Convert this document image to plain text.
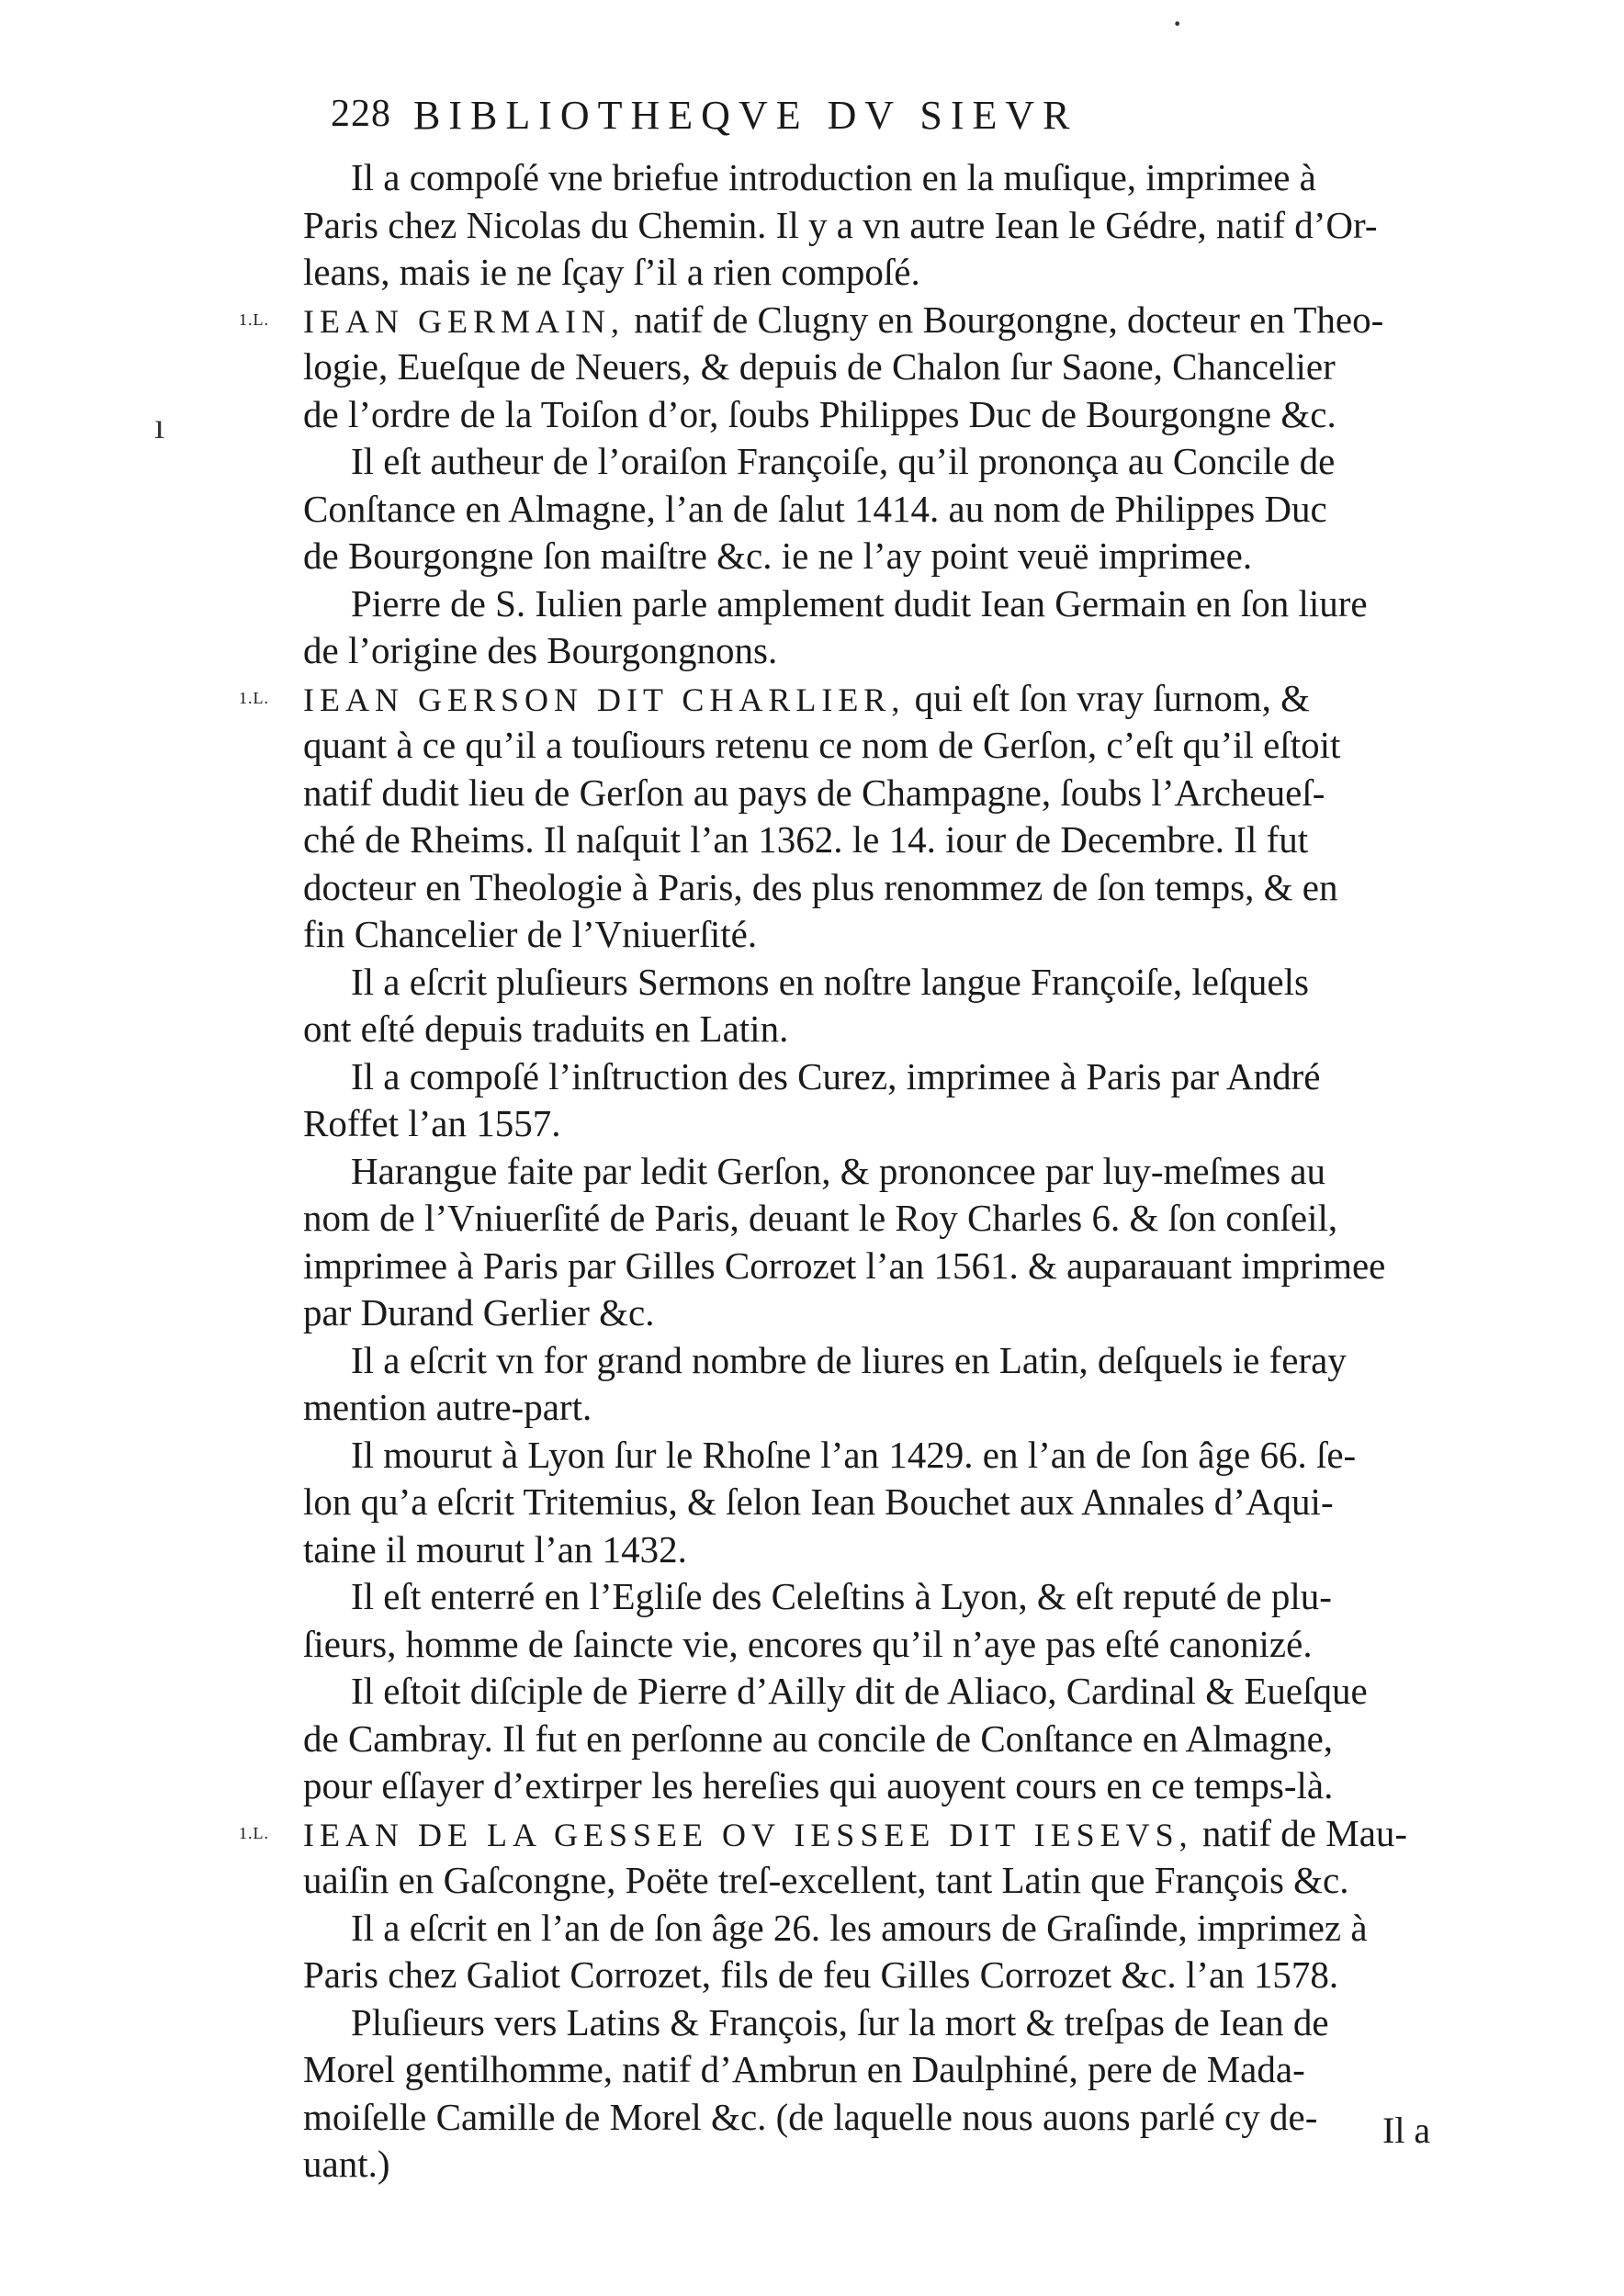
228 BIBLIOTHEQVE DV SIEVR
·
ı
Il a compoſé vne briefue introduction en la muſique, imprimee à
Paris chez Nicolas du Chemin. Il y a vn autre Iean le Gédre, natif d’Or-
leans, mais ie ne ſçay ſ’il a rien compoſé.
1.L. IEAN GERMAIN, natif de Clugny en Bourgongne, docteur en Theo-
logie, Eueſque de Neuers, & depuis de Chalon ſur Saone, Chancelier
de l’ordre de la Toiſon d’or, ſoubs Philippes Duc de Bourgongne &c.
Il eſt autheur de l’oraiſon Françoiſe, qu’il prononça au Concile de
Conſtance en Almagne, l’an de ſalut 1414. au nom de Philippes Duc
de Bourgongne ſon maiſtre &c. ie ne l’ay point veuë imprimee.
Pierre de S. Iulien parle amplement dudit Iean Germain en ſon liure
de l’origine des Bourgongnons.
1.L. IEAN GERSON DIT CHARLIER, qui eſt ſon vray ſurnom, &
quant à ce qu’il a touſiours retenu ce nom de Gerſon, c’eſt qu’il eſtoit
natif dudit lieu de Gerſon au pays de Champagne, ſoubs l’Archeueſ-
ché de Rheims. Il naſquit l’an 1362. le 14. iour de Decembre. Il fut
docteur en Theologie à Paris, des plus renommez de ſon temps, & en
fin Chancelier de l’Vniuerſité.
Il a eſcrit pluſieurs Sermons en noſtre langue Françoiſe, leſquels
ont eſté depuis traduits en Latin.
Il a compoſé l’inſtruction des Curez, imprimee à Paris par André
Roffet l’an 1557.
Harangue faite par ledit Gerſon, & prononcee par luy-meſmes au
nom de l’Vniuerſité de Paris, deuant le Roy Charles 6. & ſon conſeil,
imprimee à Paris par Gilles Corrozet l’an 1561. & auparauant imprimee
par Durand Gerlier &c.
Il a eſcrit vn for grand nombre de liures en Latin, deſquels ie feray
mention autre-part.
Il mourut à Lyon ſur le Rhoſne l’an 1429. en l’an de ſon âge 66. ſe-
lon qu’a eſcrit Tritemius, & ſelon Iean Bouchet aux Annales d’Aqui-
taine il mourut l’an 1432.
Il eſt enterré en l’Egliſe des Celeſtins à Lyon, & eſt reputé de plu-
ſieurs, homme de ſaincte vie, encores qu’il n’aye pas eſté canonizé.
Il eſtoit diſciple de Pierre d’Ailly dit de Aliaco, Cardinal & Eueſque
de Cambray. Il fut en perſonne au concile de Conſtance en Almagne,
pour eſſayer d’extirper les hereſies qui auoyent cours en ce temps-là.
1.L. IEAN DE LA GESSEE OV IESSEE DIT IESEVS, natif de Mau-
uaiſin en Gaſcongne, Poëte treſ-excellent, tant Latin que François &c.
Il a eſcrit en l’an de ſon âge 26. les amours de Graſinde, imprimez à
Paris chez Galiot Corrozet, fils de feu Gilles Corrozet &c. l’an 1578.
Pluſieurs vers Latins & François, ſur la mort & treſpas de Iean de
Morel gentilhomme, natif d’Ambrun en Daulphiné, pere de Mada-
moiſelle Camille de Morel &c. (de laquelle nous auons parlé cy de-
uant.)
Il a
